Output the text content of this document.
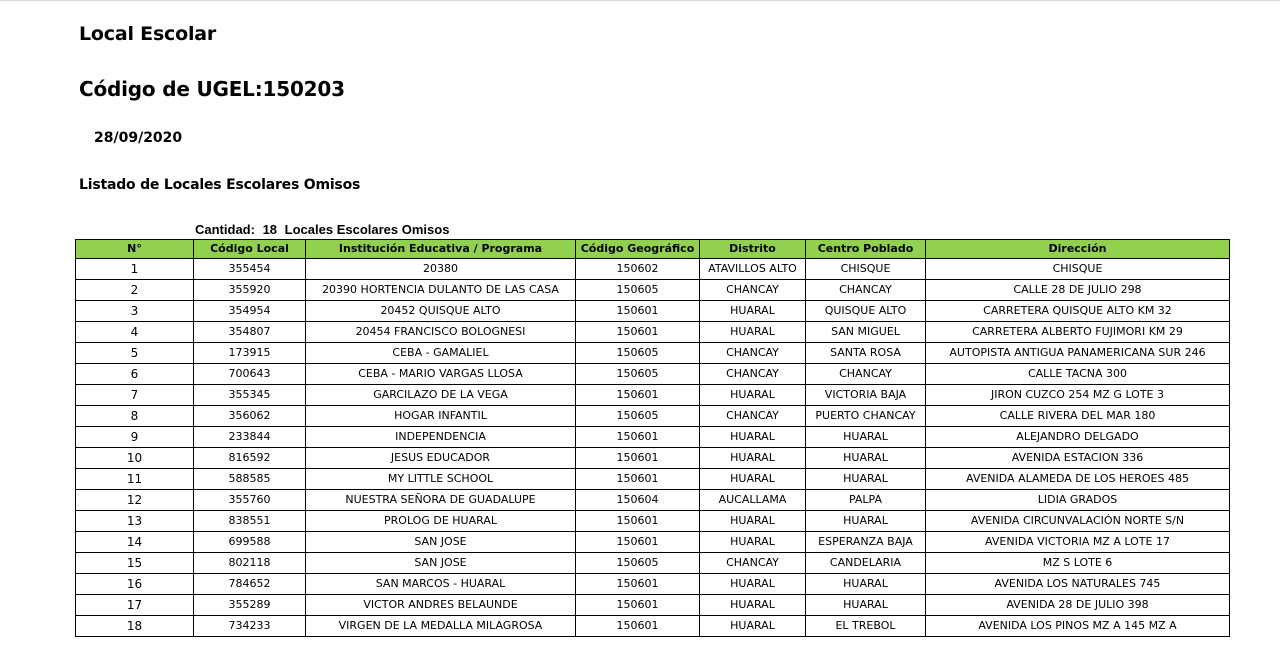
Local Escolar
Código de UGEL:150203
28/09/2020
Listado de Locales Escolares Omisos
Cantidad: 18 Locales Escolares Omisos
N°	Código Local	Institución Educativa / Programa	Código Geográfico	Distrito	Centro Poblado	Dirección
1	355454	20380	150602	ATAVILLOS ALTO	CHISQUE	CHISQUE
2	355920	20390 HORTENCIA DULANTO DE LAS CASA	150605	CHANCAY	CHANCAY	CALLE 28 DE JULIO 298
3	354954	20452 QUISQUE ALTO	150601	HUARAL	QUISQUE ALTO	CARRETERA QUISQUE ALTO KM 32
4	354807	20454 FRANCISCO BOLOGNESI	150601	HUARAL	SAN MIGUEL	CARRETERA ALBERTO FUJIMORI KM 29
5	173915	CEBA - GAMALIEL	150605	CHANCAY	SANTA ROSA	AUTOPISTA ANTIGUA PANAMERICANA SUR 246
6	700643	CEBA - MARIO VARGAS LLOSA	150605	CHANCAY	CHANCAY	CALLE TACNA 300
7	355345	GARCILAZO DE LA VEGA	150601	HUARAL	VICTORIA BAJA	JIRON CUZCO 254 MZ G LOTE 3
8	356062	HOGAR INFANTIL	150605	CHANCAY	PUERTO CHANCAY	CALLE RIVERA DEL MAR 180
9	233844	INDEPENDENCIA	150601	HUARAL	HUARAL	ALEJANDRO DELGADO
10	816592	JESUS EDUCADOR	150601	HUARAL	HUARAL	AVENIDA ESTACION 336
11	588585	MY LITTLE SCHOOL	150601	HUARAL	HUARAL	AVENIDA ALAMEDA DE LOS HEROES 485
12	355760	NUESTRA SEÑORA DE GUADALUPE	150604	AUCALLAMA	PALPA	LIDIA GRADOS
13	838551	PROLOG DE HUARAL	150601	HUARAL	HUARAL	AVENIDA CIRCUNVALACIÓN NORTE S/N
14	699588	SAN JOSE	150601	HUARAL	ESPERANZA BAJA	AVENIDA VICTORIA MZ A LOTE 17
15	802118	SAN JOSE	150605	CHANCAY	CANDELARIA	MZ S LOTE 6
16	784652	SAN MARCOS - HUARAL	150601	HUARAL	HUARAL	AVENIDA LOS NATURALES 745
17	355289	VICTOR ANDRES BELAUNDE	150601	HUARAL	HUARAL	AVENIDA 28 DE JULIO 398
18	734233	VIRGEN DE LA MEDALLA MILAGROSA	150601	HUARAL	EL TREBOL	AVENIDA LOS PINOS MZ A 145 MZ A
